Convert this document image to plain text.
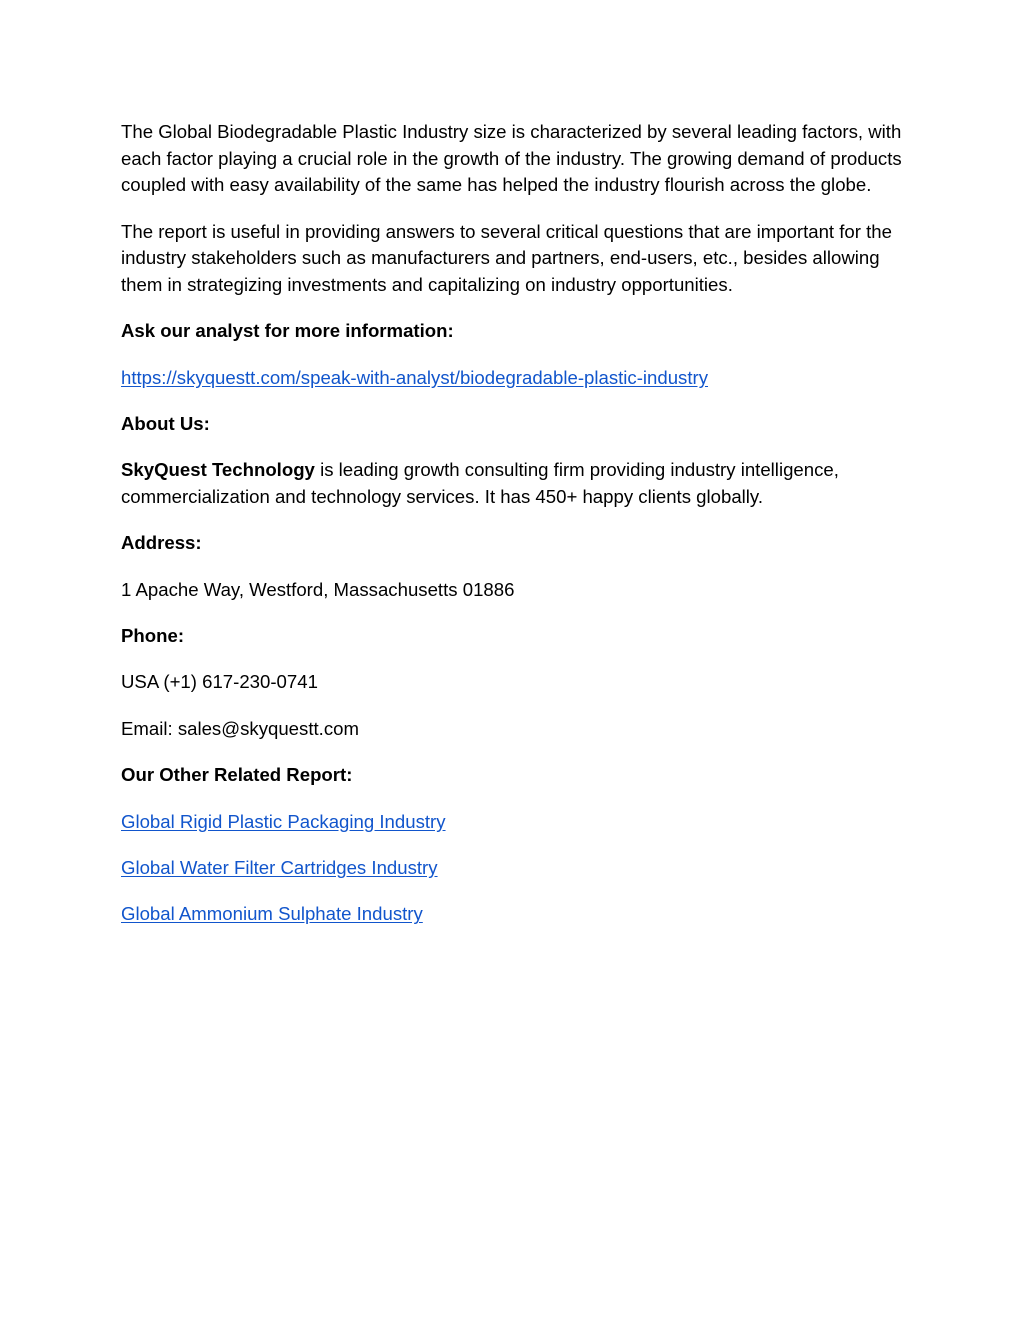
The Global Biodegradable Plastic Industry size is characterized by several leading factors, with each factor playing a crucial role in the growth of the industry. The growing demand of products coupled with easy availability of the same has helped the industry flourish across the globe.

The report is useful in providing answers to several critical questions that are important for the industry stakeholders such as manufacturers and partners, end-users, etc., besides allowing them in strategizing investments and capitalizing on industry opportunities.

Ask our analyst for more information:

https://skyquestt.com/speak-with-analyst/biodegradable-plastic-industry

About Us:

SkyQuest Technology is leading growth consulting firm providing industry intelligence, commercialization and technology services. It has 450+ happy clients globally.

Address:

1 Apache Way, Westford, Massachusetts 01886

Phone:

USA (+1) 617-230-0741

Email: sales@skyquestt.com

Our Other Related Report:

Global Rigid Plastic Packaging Industry

Global Water Filter Cartridges Industry

Global Ammonium Sulphate Industry
